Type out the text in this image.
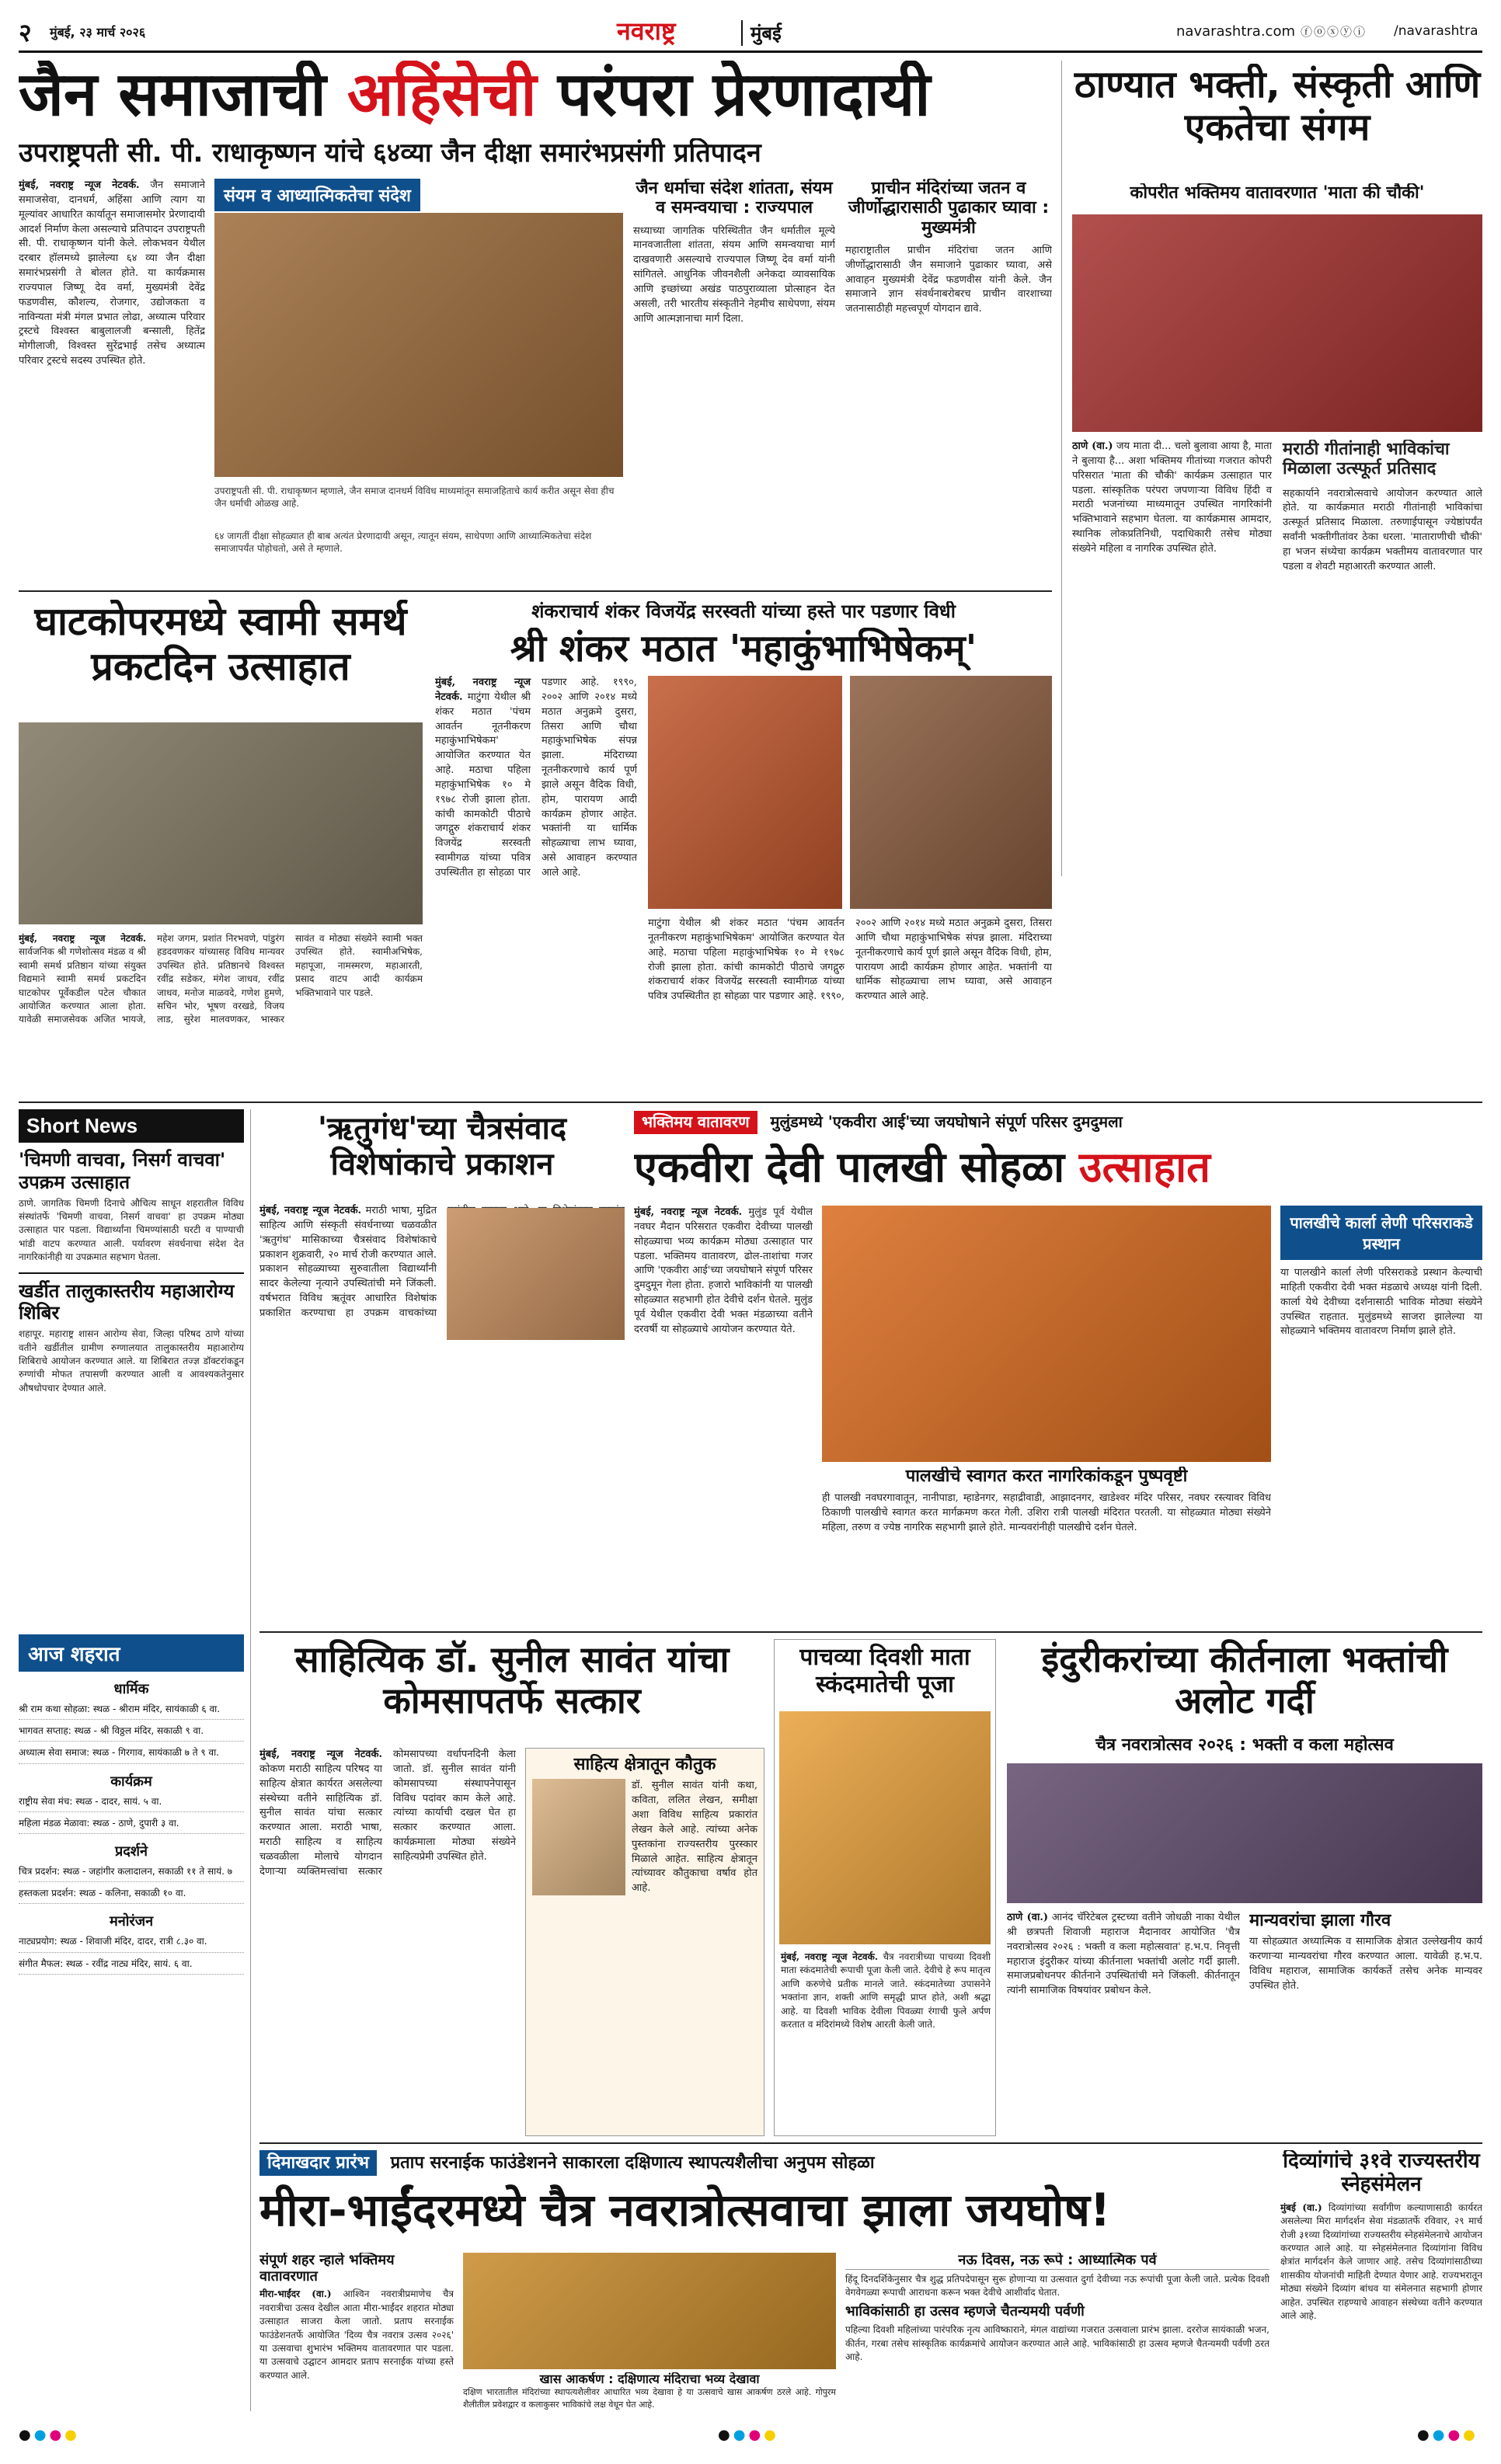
२ मुंबई, २३ मार्च २०२६	नवराष्ट्र	मुंबई	navarashtra.com ⓕⓞⓧⓨⓘ /navarashtra
जैन समाजाची अहिंसेची परंपरा प्रेरणादायी
उपराष्ट्रपती सी. पी. राधाकृष्णन यांचे ६४व्या जैन दीक्षा समारंभप्रसंगी प्रतिपादन
मुंबई, नवराष्ट्र न्यूज नेटवर्क. जैन समाजाने समाजसेवा, दानधर्म, अहिंसा आणि त्याग या मूल्यांवर आधारित कार्यातून समाजासमोर प्रेरणादायी आदर्श निर्माण केला असल्याचे प्रतिपादन उपराष्ट्रपती सी. पी. राधाकृष्णन यांनी केले. लोकभवन येथील दरबार हॉलमध्ये झालेल्या ६४ व्या जैन दीक्षा समारंभप्रसंगी ते बोलत होते. या कार्यक्रमास राज्यपाल जिष्णू देव वर्मा, मुख्यमंत्री देवेंद्र फडणवीस, कौशल्य, रोजगार, उद्योजकता व नाविन्यता मंत्री मंगल प्रभात लोढा, अध्यात्म परिवार ट्रस्टचे विश्वस्त बाबुलालजी बन्साली, हितेंद्र मोगीलाजी, विश्वस्त सुरेंद्रभाई तसेच अध्यात्म परिवार ट्रस्टचे सदस्य उपस्थित होते.
संयम व आध्यात्मिकतेचा संदेश
उपराष्ट्रपती सी. पी. राधाकृष्णन म्हणाले, जैन समाज दानधर्म विविध माध्यमांतून समाजहिताचे कार्य करीत असून सेवा हीच जैन धर्माची ओळख आहे.
६४ जागतीं दीक्षा सोहळ्यात ही बाब अत्यंत प्रेरणादायी असून, त्यातून संयम, साधेपणा आणि आध्यात्मिकतेचा संदेश समाजापर्यंत पोहोचतो, असे ते म्हणाले.
जैन धर्माचा संदेश शांतता, संयम व समन्वयाचा : राज्यपाल
सध्याच्या जागतिक परिस्थितीत जैन धर्मातील मूल्ये मानवजातीला शांतता, संयम आणि समन्वयाचा मार्ग दाखवणारी असल्याचे राज्यपाल जिष्णू देव वर्मा यांनी सांगितले. आधुनिक जीवनशैली अनेकदा व्यावसायिक आणि इच्छांच्या अखंड पाठपुराव्याला प्रोत्साहन देत असली, तरी भारतीय संस्कृतीने नेहमीच साधेपणा, संयम आणि आत्मज्ञानाचा मार्ग दिला.
प्राचीन मंदिरांच्या जतन व जीर्णोद्धारासाठी पुढाकार घ्यावा : मुख्यमंत्री
महाराष्ट्रातील प्राचीन मंदिरांचा जतन आणि जीर्णोद्धारासाठी जैन समाजाने पुढाकार घ्यावा, असे आवाहन मुख्यमंत्री देवेंद्र फडणवीस यांनी केले. जैन समाजाने ज्ञान संवर्धनाबरोबरच प्राचीन वारशाच्या जतनासाठीही महत्त्वपूर्ण योगदान द्यावे.
ठाण्यात भक्ती, संस्कृती आणि एकतेचा संगम
कोपरीत भक्तिमय वातावरणात 'माता की चौकी'
ठाणे (वा.) जय माता दी... चलो बुलावा आया है, माता ने बुलाया है... अशा भक्तिमय गीतांच्या गजरात कोपरी परिसरात 'माता की चौकी' कार्यक्रम उत्साहात पार पडला. सांस्कृतिक परंपरा जपणाऱ्या विविध हिंदी व मराठी भजनांच्या माध्यमातून उपस्थित नागरिकांनी भक्तिभावाने सहभाग घेतला. या कार्यक्रमास आमदार, स्थानिक लोकप्रतिनिधी, पदाधिकारी तसेच मोठ्या संख्येने महिला व नागरिक उपस्थित होते.
मराठी गीतांनाही भाविकांचा मिळाला उत्स्फूर्त प्रतिसाद
सहकार्याने नवरात्रोत्सवाचे आयोजन करण्यात आले होते. या कार्यक्रमात मराठी गीतांनाही भाविकांचा उत्स्फूर्त प्रतिसाद मिळाला. तरुणाईपासून ज्येष्ठांपर्यंत सर्वांनी भक्तीगीतांवर ठेका धरला. 'माताराणीची चौकी' हा भजन संध्येचा कार्यक्रम भक्तीमय वातावरणात पार पडला व शेवटी महाआरती करण्यात आली.
घाटकोपरमध्ये स्वामी समर्थ प्रकटदिन उत्साहात
मुंबई, नवराष्ट्र न्यूज नेटवर्क. सार्वजनिक श्री गणेशोत्सव मंडळ व श्री स्वामी समर्थ प्रतिष्ठान यांच्या संयुक्त विद्यमाने स्वामी समर्थ प्रकटदिन घाटकोपर पूर्वेकडील पटेल चौकात आयोजित करण्यात आला होता. यावेळी समाजसेवक अजित भायजे, महेश जगम, प्रशांत निरभवणे, पांडुरंग हडदवणकर यांच्यासह विविध मान्यवर उपस्थित होते. प्रतिष्ठानचे विश्वस्त रवींद्र सडेकर, मंगेश जाधव, रवींद्र जाधव, मनोज माळवदे, गणेश हुमणे, सचिन भोर, भूषण वरखडे, विजय लाड, सुरेश मालवणकर, भास्कर सावंत व मोठ्या संख्येने स्वामी भक्त उपस्थित होते. स्वामीअभिषेक, महापूजा, नामस्मरण, महाआरती, प्रसाद वाटप आदी कार्यक्रम भक्तिभावाने पार पडले.
शंकराचार्य शंकर विजयेंद्र सरस्वती यांच्या हस्ते पार पडणार विधी
श्री शंकर मठात 'महाकुंभाभिषेकम्'
मुंबई, नवराष्ट्र न्यूज नेटवर्क. माटुंगा येथील श्री शंकर मठात 'पंचम आवर्तन नूतनीकरण महाकुंभाभिषेकम' आयोजित करण्यात येत आहे. मठाचा पहिला महाकुंभाभिषेक १० मे १९७८ रोजी झाला होता. कांची कामकोटी पीठाचे जगद्गुरु शंकराचार्य शंकर विजयेंद्र सरस्वती स्वामीगळ यांच्या पवित्र उपस्थितीत हा सोहळा पार पडणार आहे. १९९०, २००२ आणि २०१४ मध्ये मठात अनुक्रमे दुसरा, तिसरा आणि चौथा महाकुंभाभिषेक संपन्न झाला. मंदिराच्या नूतनीकरणाचे कार्य पूर्ण झाले असून वैदिक विधी, होम, पारायण आदी कार्यक्रम होणार आहेत. भक्तांनी या धार्मिक सोहळ्याचा लाभ घ्यावा, असे आवाहन करण्यात आले आहे.
माटुंगा येथील श्री शंकर मठात 'पंचम आवर्तन नूतनीकरण महाकुंभाभिषेकम' आयोजित करण्यात येत आहे. मठाचा पहिला महाकुंभाभिषेक १० मे १९७८ रोजी झाला होता. कांची कामकोटी पीठाचे जगद्गुरु शंकराचार्य शंकर विजयेंद्र सरस्वती स्वामीगळ यांच्या पवित्र उपस्थितीत हा सोहळा पार पडणार आहे. १९९०, २००२ आणि २०१४ मध्ये मठात अनुक्रमे दुसरा, तिसरा आणि चौथा महाकुंभाभिषेक संपन्न झाला. मंदिराच्या नूतनीकरणाचे कार्य पूर्ण झाले असून वैदिक विधी, होम, पारायण आदी कार्यक्रम होणार आहेत. भक्तांनी या धार्मिक सोहळ्याचा लाभ घ्यावा, असे आवाहन करण्यात आले आहे.
Short News
'चिमणी वाचवा, निसर्ग वाचवा' उपक्रम उत्साहात
ठाणे. जागतिक चिमणी दिनाचे औचित्य साधून शहरातील विविध संस्थांतर्फे 'चिमणी वाचवा, निसर्ग वाचवा' हा उपक्रम मोठ्या उत्साहात पार पडला. विद्यार्थ्यांना चिमण्यांसाठी घरटी व पाण्याची भांडी वाटप करण्यात आली. पर्यावरण संवर्धनाचा संदेश देत नागरिकांनीही या उपक्रमात सहभाग घेतला.
खर्डीत तालुकास्तरीय महाआरोग्य शिबिर
शहापूर. महाराष्ट्र शासन आरोग्य सेवा, जिल्हा परिषद ठाणे यांच्या वतीने खर्डीतील ग्रामीण रुग्णालयात तालुकास्तरीय महाआरोग्य शिबिराचे आयोजन करण्यात आले. या शिबिरात तज्ज्ञ डॉक्टरांकडून रुग्णांची मोफत तपासणी करण्यात आली व आवश्यकतेनुसार औषधोपचार देण्यात आले.
आज शहरात
धार्मिक

श्री राम कथा सोहळा: स्थळ - श्रीराम मंदिर, सायंकाळी ६ वा.

भागवत सप्ताह: स्थळ - श्री विठ्ठल मंदिर, सकाळी ९ वा.

अध्यात्म सेवा समाज: स्थळ - गिरगाव, सायंकाळी ७ ते ९ वा.

कार्यक्रम

राष्ट्रीय सेवा मंच: स्थळ - दादर, सायं. ५ वा.

महिला मंडळ मेळावा: स्थळ - ठाणे, दुपारी ३ वा.

प्रदर्शने

चित्र प्रदर्शन: स्थळ - जहांगीर कलादालन, सकाळी ११ ते सायं. ७

हस्तकला प्रदर्शन: स्थळ - कलिना, सकाळी १० वा.

मनोरंजन

नाट्यप्रयोग: स्थळ - शिवाजी मंदिर, दादर, रात्री ८.३० वा.

संगीत मैफल: स्थळ - रवींद्र नाट्य मंदिर, सायं. ६ वा.

'ऋतुगंध'च्या चैत्रसंवाद विशेषांकाचे प्रकाशन
मुंबई, नवराष्ट्र न्यूज नेटवर्क. मराठी भाषा, मुद्रित साहित्य आणि संस्कृती संवर्धनाच्या चळवळीत 'ऋतुगंध' मासिकाच्या चैत्रसंवाद विशेषांकाचे प्रकाशन शुक्रवारी, २० मार्च रोजी करण्यात आले. प्रकाशन सोहळ्याच्या सुरुवातीला विद्यार्थ्यांनी सादर केलेल्या नृत्याने उपस्थितांची मने जिंकली. वर्षभरात विविध ऋतूंवर आधारित विशेषांक प्रकाशित करण्याचा हा उपक्रम वाचकांच्या
भक्तिमय वातावरण मुलुंडमध्ये 'एकवीरा आई'च्या जयघोषाने संपूर्ण परिसर दुमदुमला
एकवीरा देवी पालखी सोहळा उत्साहात
मुंबई, नवराष्ट्र न्यूज नेटवर्क. मुलुंड पूर्व येथील नवघर मैदान परिसरात एकवीरा देवीच्या पालखी सोहळ्याचा भव्य कार्यक्रम मोठ्या उत्साहात पार पडला. भक्तिमय वातावरण, ढोल-ताशांचा गजर आणि 'एकवीरा आई'च्या जयघोषाने संपूर्ण परिसर दुमदुमून गेला होता. हजारो भाविकांनी या पालखी सोहळ्यात सहभागी होत देवीचे दर्शन घेतले. मुलुंड पूर्व येथील एकवीरा देवी भक्त मंडळाच्या वतीने दरवर्षी या सोहळ्याचे आयोजन करण्यात येते.
पालखीचे स्वागत करत नागरिकांकडून पुष्पवृष्टी
ही पालखी नवघरगावातून, नानीपाडा, म्हाडेनगर, सहाद्रीवाडी, आझादनगर, खाडेश्वर मंदिर परिसर, नवघर रस्त्यावर विविध ठिकाणी पालखीचे स्वागत करत मार्गक्रमण करत गेली. उशिरा रात्री पालखी मंदिरात परतली. या सोहळ्यात मोठ्या संख्येने महिला, तरुण व ज्येष्ठ नागरिक सहभागी झाले होते. मान्यवरांनीही पालखीचे दर्शन घेतले.
पालखीचे कार्ला लेणी परिसराकडे प्रस्थान
या पालखीने कार्ला लेणी परिसराकडे प्रस्थान केल्याची माहिती एकवीरा देवी भक्त मंडळाचे अध्यक्ष यांनी दिली. कार्ला येथे देवीच्या दर्शनासाठी भाविक मोठ्या संख्येने उपस्थित राहतात. मुलुंडमध्ये साजरा झालेल्या या सोहळ्याने भक्तिमय वातावरण निर्माण झाले होते.
साहित्यिक डॉ. सुनील सावंत यांचा कोमसापतर्फे सत्कार
मुंबई, नवराष्ट्र न्यूज नेटवर्क. कोकण मराठी साहित्य परिषद या साहित्य क्षेत्रात कार्यरत असलेल्या संस्थेच्या वतीने साहित्यिक डॉ. सुनील सावंत यांचा सत्कार करण्यात आला. मराठी भाषा, मराठी साहित्य व साहित्य चळवळीला मोलाचे योगदान देणाऱ्या व्यक्तिमत्त्वांचा सत्कार कोमसापच्या वर्धापनदिनी केला जातो. डॉ. सुनील सावंत यांनी कोमसापच्या संस्थापनेपासून विविध पदांवर काम केले आहे. त्यांच्या कार्याची दखल घेत हा सत्कार करण्यात आला. कार्यक्रमाला मोठ्या संख्येने साहित्यप्रेमी उपस्थित होते.
साहित्य क्षेत्रातून कौतुक
डॉ. सुनील सावंत यांनी कथा, कविता, ललित लेखन, समीक्षा अशा विविध साहित्य प्रकारांत लेखन केले आहे. त्यांच्या अनेक पुस्तकांना राज्यस्तरीय पुरस्कार मिळाले आहेत. साहित्य क्षेत्रातून त्यांच्यावर कौतुकाचा वर्षाव होत आहे.
पाचव्या दिवशी माता स्कंदमातेची पूजा
मुंबई, नवराष्ट्र न्यूज नेटवर्क. चैत्र नवरात्रीच्या पाचव्या दिवशी माता स्कंदमातेची रूपाची पूजा केली जाते. देवीचे हे रूप मातृत्व आणि करुणेचे प्रतीक मानले जाते. स्कंदमातेच्या उपासनेने भक्तांना ज्ञान, शक्ती आणि समृद्धी प्राप्त होते, अशी श्रद्धा आहे. या दिवशी भाविक देवीला पिवळ्या रंगाची फुले अर्पण करतात व मंदिरांमध्ये विशेष आरती केली जाते.
इंदुरीकरांच्या कीर्तनाला भक्तांची अलोट गर्दी
चैत्र नवरात्रोत्सव २०२६ : भक्ती व कला महोत्सव
ठाणे (वा.) आनंद चॅरिटेबल ट्रस्टच्या वतीने जोधळी नाका येथील श्री छत्रपती शिवाजी महाराज मैदानावर आयोजित 'चैत्र नवरात्रोत्सव २०२६ : भक्ती व कला महोत्सवात' ह.भ.प. निवृत्ती महाराज इंदुरीकर यांच्या कीर्तनाला भक्तांची अलोट गर्दी झाली. समाजप्रबोधनपर कीर्तनाने उपस्थितांची मने जिंकली. कीर्तनातून त्यांनी सामाजिक विषयांवर प्रबोधन केले.
मान्यवरांचा झाला गौरव
या सोहळ्यात अध्यात्मिक व सामाजिक क्षेत्रात उल्लेखनीय कार्य करणाऱ्या मान्यवरांचा गौरव करण्यात आला. यावेळी ह.भ.प. विविध महाराज, सामाजिक कार्यकर्ते तसेच अनेक मान्यवर उपस्थित होते.
दिमाखदार प्रारंभ प्रताप सरनाईक फाउंडेशनने साकारला दक्षिणात्य स्थापत्यशैलीचा अनुपम सोहळा
मीरा-भाईंदरमध्ये चैत्र नवरात्रोत्सवाचा झाला जयघोष!
संपूर्ण शहर न्हाले भक्तिमय वातावरणात
मीरा-भाईंदर (वा.) आश्विन नवरात्रीप्रमाणेच चैत्र नवरात्रीचा उत्सव देखील आता मीरा-भाईंदर शहरात मोठ्या उत्साहात साजरा केला जातो. प्रताप सरनाईक फाउंडेशनतर्फे आयोजित 'दिव्य चैत्र नवरात्र उत्सव २०२६' या उत्सवाचा शुभारंभ भक्तिमय वातावरणात पार पडला. या उत्सवाचे उद्घाटन आमदार प्रताप सरनाईक यांच्या हस्ते करण्यात आले.	खास आकर्षण : दक्षिणात्य मंदिराचा भव्य देखावा
दक्षिण भारतातील मंदिरांच्या स्थापत्यशैलीवर आधारित भव्य देखावा हे या उत्सवाचे खास आकर्षण ठरले आहे. गोपुरम शैलीतील प्रवेशद्वार व कलाकुसर भाविकांचे लक्ष वेधून घेत आहे.
नऊ दिवस, नऊ रूपे : आध्यात्मिक पर्व
हिंदू दिनदर्शिकेनुसार चैत्र शुद्ध प्रतिपदेपासून सुरू होणाऱ्या या उत्सवात दुर्गा देवीच्या नऊ रूपांची पूजा केली जाते. प्रत्येक दिवशी वेगवेगळ्या रूपाची आराधना करून भक्त देवीचे आशीर्वाद घेतात.
भाविकांसाठी हा उत्सव म्हणजे चैतन्यमयी पर्वणी
पहिल्या दिवशी महिलांच्या पारंपरिक नृत्य आविष्काराने, मंगल वाद्यांच्या गजरात उत्सवाला प्रारंभ झाला. दररोज सायंकाळी भजन, कीर्तन, गरबा तसेच सांस्कृतिक कार्यक्रमांचे आयोजन करण्यात आले आहे. भाविकांसाठी हा उत्सव म्हणजे चैतन्यमयी पर्वणी ठरत आहे.
दिव्यांगांचे ३१वे राज्यस्तरीय स्नेहसंमेलन
मुंबई (वा.) दिव्यांगांच्या सर्वांगीण कल्याणासाठी कार्यरत असलेल्या मिरा मार्गदर्शन सेवा मंडळातर्फे रविवार, २९ मार्च रोजी ३१व्या दिव्यांगांच्या राज्यस्तरीय स्नेहसंमेलनाचे आयोजन करण्यात आले आहे. या स्नेहसंमेलनात दिव्यांगांना विविध क्षेत्रांत मार्गदर्शन केले जाणार आहे. तसेच दिव्यांगांसाठीच्या शासकीय योजनांची माहिती देण्यात येणार आहे. राज्यभरातून मोठ्या संख्येने दिव्यांग बांधव या संमेलनात सहभागी होणार आहेत. उपस्थित राहण्याचे आवाहन संस्थेच्या वतीने करण्यात आले आहे.
●●●●	●●●●	●●●●
